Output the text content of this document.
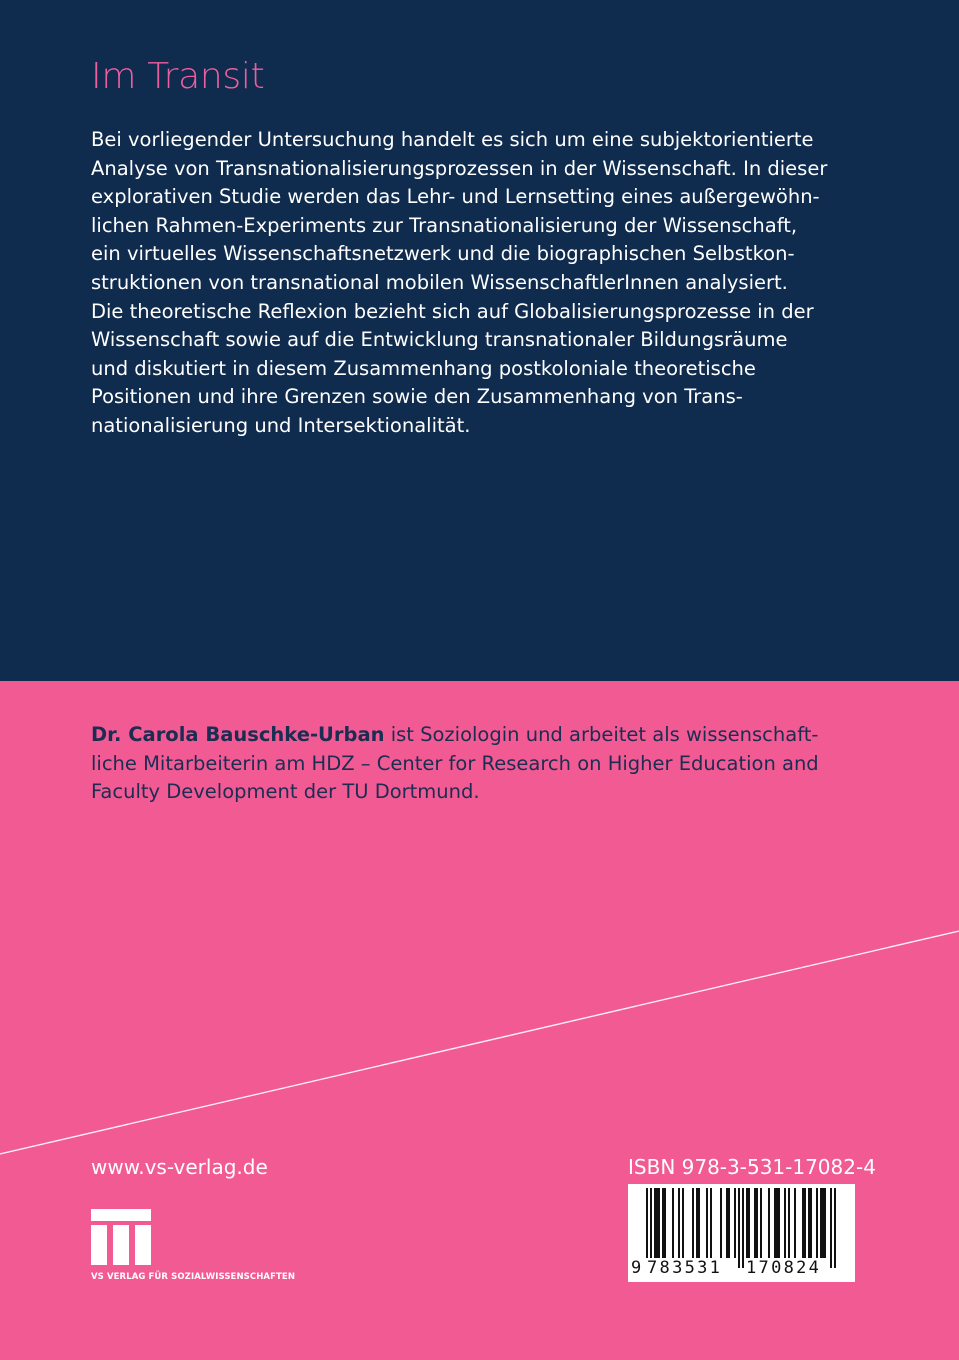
Im Transit
Bei vorliegender Untersuchung handelt es sich um eine subjektorientierte
Analyse von Transnationalisierungsprozessen in der Wissenschaft. In dieser
explorativen Studie werden das Lehr- und Lernsetting eines außergewöhn-
lichen Rahmen-Experiments zur Transnationalisierung der Wissenschaft,
ein virtuelles Wissenschaftsnetzwerk und die biographischen Selbstkon-
struktionen von transnational mobilen WissenschaftlerInnen analysiert.
Die theoretische Reflexion bezieht sich auf Globalisierungsprozesse in der
Wissenschaft sowie auf die Entwicklung transnationaler Bildungsräume
und diskutiert in diesem Zusammenhang postkoloniale theoretische
Positionen und ihre Grenzen sowie den Zusammenhang von Trans-
nationalisierung und Intersektionalität.
Dr. Carola Bauschke-Urban ist Soziologin und arbeitet als wissenschaft-
liche Mitarbeiterin am HDZ – Center for Research on Higher Education and
Faculty Development der TU Dortmund.
www.vs-verlag.de
VS VERLAG FÜR SOZIALWISSENSCHAFTEN
ISBN 978-3-531-17082-4
9 783531 170824
